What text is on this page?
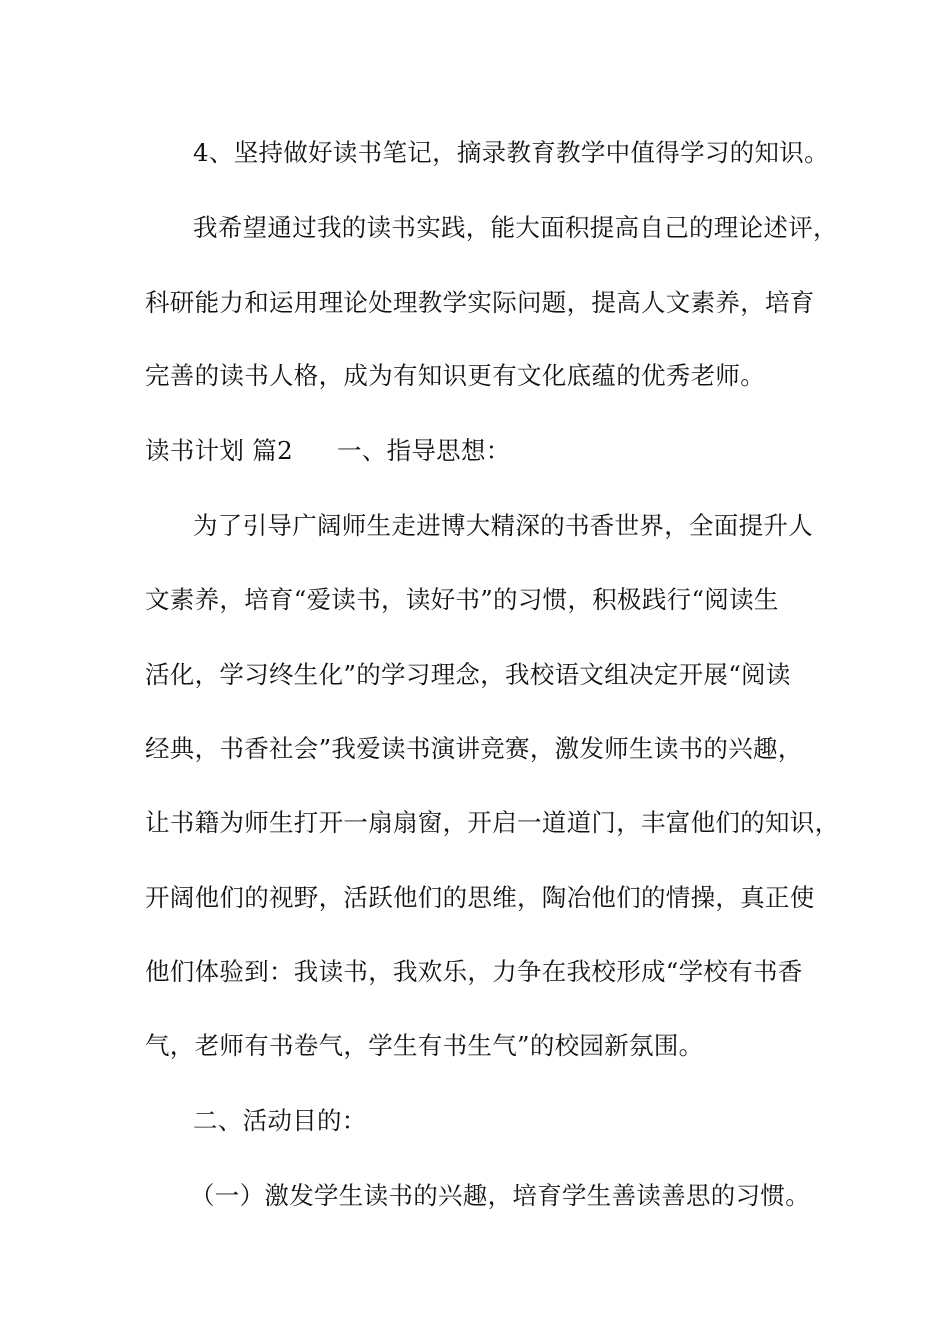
4、坚持做好读书笔记，摘录教育教学中值得学习的知识。
我希望通过我的读书实践，能大面积提高自己的理论述评，
科研能力和运用理论处理教学实际问题，提高人文素养，培育
完善的读书人格，成为有知识更有文化底蕴的优秀老师。
读书计划 篇2 一、指导思想：
为了引导广阔师生走进博大精深的书香世界，全面提升人
文素养，培育“爱读书，读好书”的习惯，积极践行“阅读生
活化，学习终生化”的学习理念，我校语文组决定开展“阅读
经典，书香社会”我爱读书演讲竞赛，激发师生读书的兴趣，
让书籍为师生打开一扇扇窗，开启一道道门，丰富他们的知识，
开阔他们的视野，活跃他们的思维，陶冶他们的情操，真正使
他们体验到：我读书，我欢乐，力争在我校形成“学校有书香
气，老师有书卷气，学生有书生气”的校园新氛围。
二、活动目的：
（一）激发学生读书的兴趣，培育学生善读善思的习惯。
